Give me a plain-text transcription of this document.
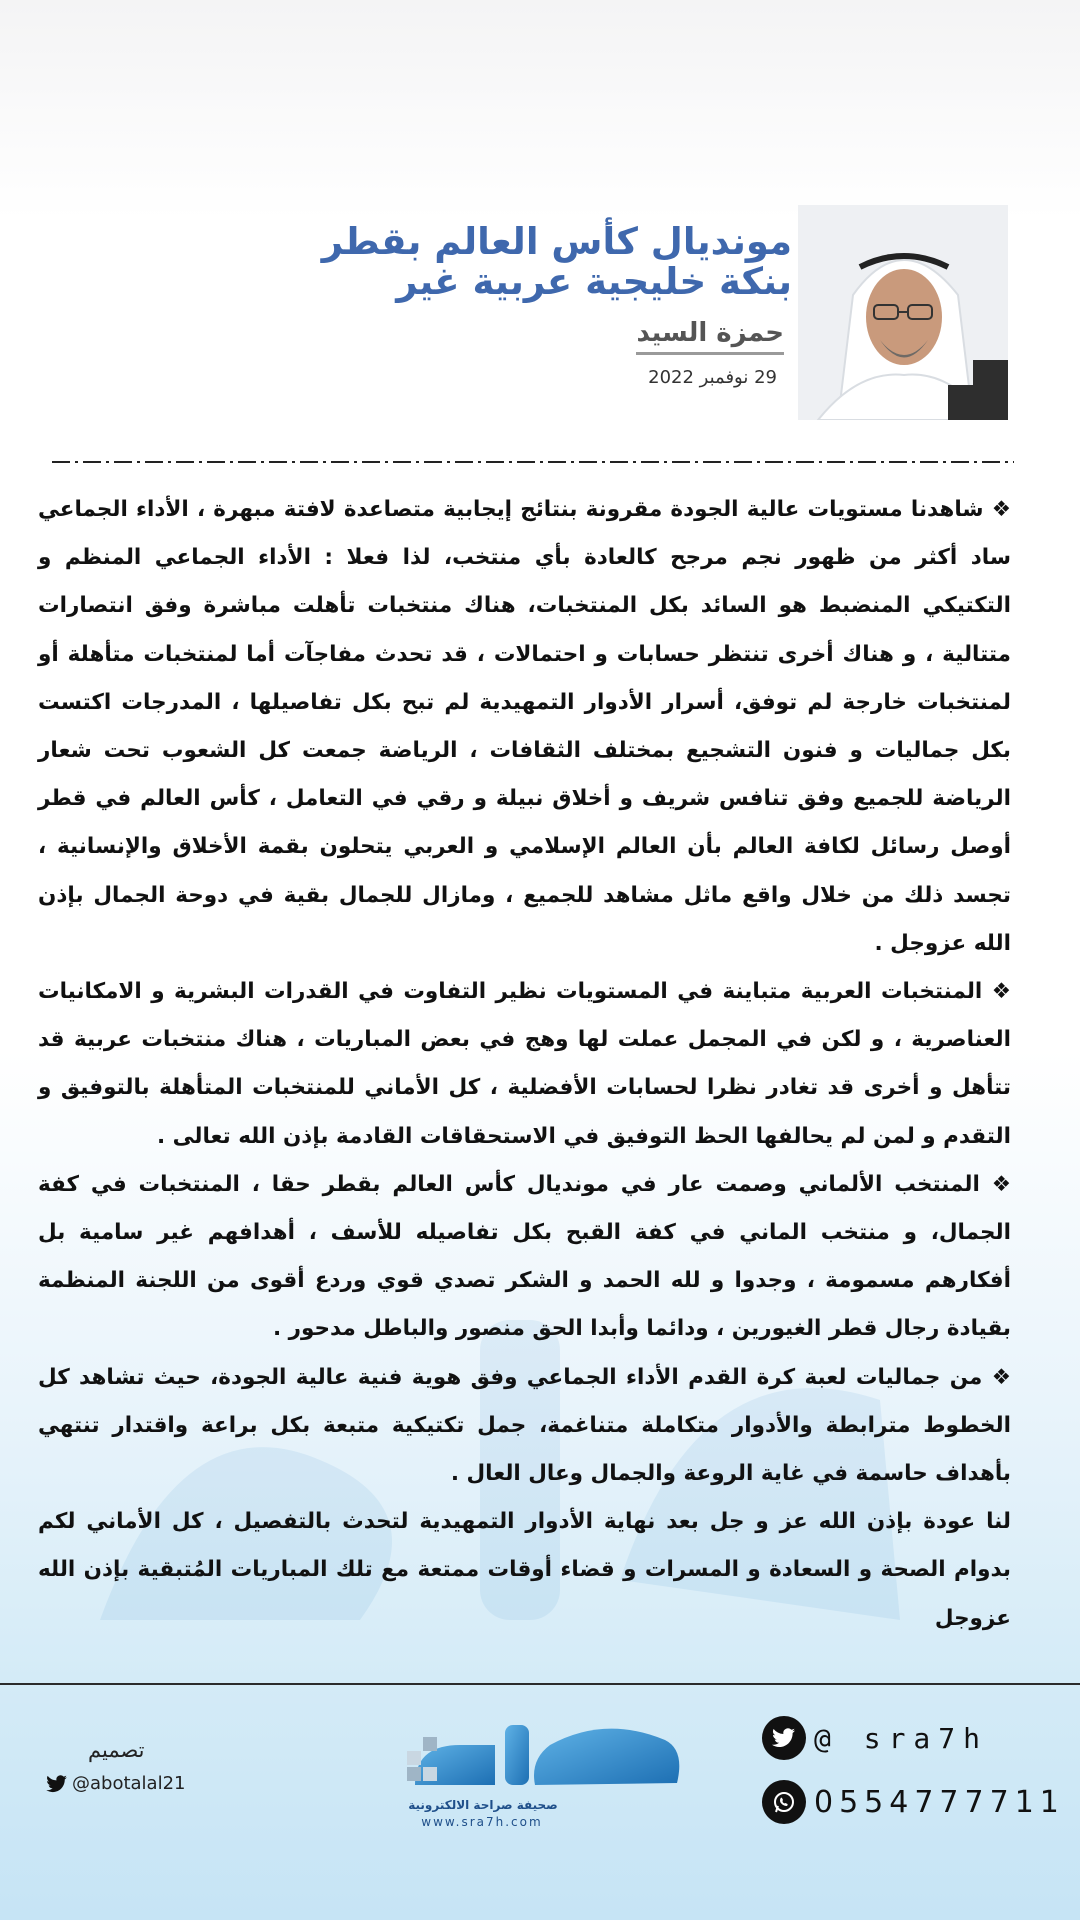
مونديال كأس العالم بقطر
بنكة خليجية عربية غير
حمزة السيد
29 نوفمبر 2022

❖ شاهدنا مستويات عالية الجودة مقرونة بنتائج إيجابية متصاعدة لافتة مبهرة ، الأداء الجماعي ساد أكثر من ظهور نجم مرجح كالعادة بأي منتخب، لذا فعلا : الأداء الجماعي المنظم و التكتيكي المنضبط هو السائد بكل المنتخبات، هناك منتخبات تأهلت مباشرة وفق انتصارات متتالية ، و هناك أخرى تنتظر حسابات و احتمالات ، قد تحدث مفاجآت أما لمنتخبات متأهلة أو لمنتخبات خارجة لم توفق، أسرار الأدوار التمهيدية لم تبح بكل تفاصيلها ، المدرجات اكتست بكل جماليات و فنون التشجيع بمختلف الثقافات ، الرياضة جمعت كل الشعوب تحت شعار الرياضة للجميع وفق تنافس شريف و أخلاق نبيلة و رقي في التعامل ، كأس العالم في قطر أوصل رسائل لكافة العالم بأن العالم الإسلامي و العربي يتحلون بقمة الأخلاق والإنسانية ، تجسد ذلك من خلال واقع ماثل مشاهد للجميع ، ومازال للجمال بقية في دوحة الجمال بإذن الله عزوجل .

❖ المنتخبات العربية متباينة في المستويات نظير التفاوت في القدرات البشرية و الامكانيات العناصرية ، و لكن في المجمل عملت لها وهج في بعض المباريات ، هناك منتخبات عربية قد تتأهل و أخرى قد تغادر نظرا لحسابات الأفضلية ، كل الأماني للمنتخبات المتأهلة بالتوفيق و التقدم و لمن لم يحالفها الحظ التوفيق في الاستحقاقات القادمة بإذن الله تعالى .

❖ المنتخب الألماني وصمت عار في مونديال كأس العالم بقطر حقا ، المنتخبات في كفة الجمال، و منتخب الماني في كفة القبح بكل تفاصيله للأسف ، أهدافهم غير سامية بل أفكارهم مسمومة ، وجدوا و لله الحمد و الشكر تصدي قوي وردع أقوى من اللجنة المنظمة بقيادة رجال قطر الغيورين ، ودائما وأبدا الحق منصور والباطل مدحور .

❖ من جماليات لعبة كرة القدم الأداء الجماعي وفق هوية فنية عالية الجودة، حيث تشاهد كل الخطوط مترابطة والأدوار متكاملة متناغمة، جمل تكتيكية متبعة بكل براعة واقتدار تنتهي بأهداف حاسمة في غاية الروعة والجمال وعال العال .

لنا عودة بإذن الله عز و جل بعد نهاية الأدوار التمهيدية لتحدث بالتفصيل ، كل الأماني لكم بدوام الصحة و السعادة و المسرات و قضاء أوقات ممتعة مع تلك المباريات المُتبقية بإذن الله عزوجل

تصميم
@abotalal21
صحيفة صراحة الالكترونية
www.sra7h.com
@ sra7h
0554777711
